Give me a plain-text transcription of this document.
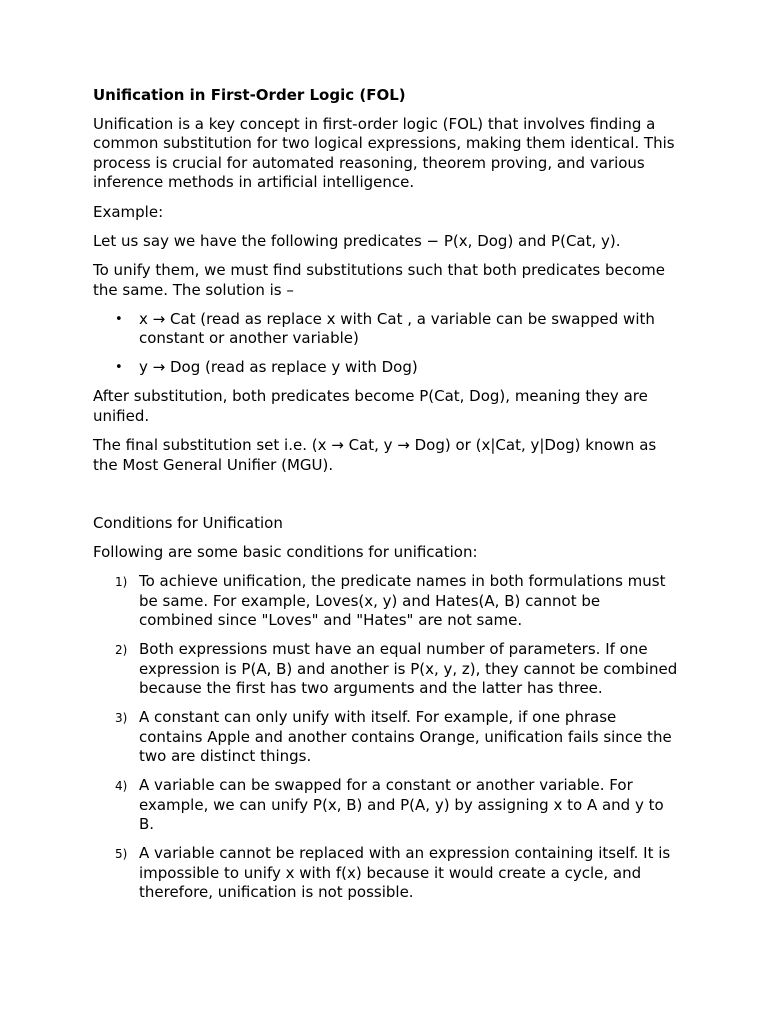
Unification in First-Order Logic (FOL)

Unification is a key concept in first-order logic (FOL) that involves finding a common substitution for two logical expressions, making them identical. This process is crucial for automated reasoning, theorem proving, and various inference methods in artificial intelligence.

Example:

Let us say we have the following predicates − P(x, Dog) and P(Cat, y).

To unify them, we must find substitutions such that both predicates become the same. The solution is –

• x → Cat (read as replace x with Cat , a variable can be swapped with constant or another variable)
• y → Dog (read as replace y with Dog)

After substitution, both predicates become P(Cat, Dog), meaning they are unified.

The final substitution set i.e. (x → Cat, y → Dog) or (x|Cat, y|Dog) known as the Most General Unifier (MGU).

Conditions for Unification

Following are some basic conditions for unification:

1) To achieve unification, the predicate names in both formulations must be same. For example, Loves(x, y) and Hates(A, B) cannot be combined since "Loves" and "Hates" are not same.
2) Both expressions must have an equal number of parameters. If one expression is P(A, B) and another is P(x, y, z), they cannot be combined because the first has two arguments and the latter has three.
3) A constant can only unify with itself. For example, if one phrase contains Apple and another contains Orange, unification fails since the two are distinct things.
4) A variable can be swapped for a constant or another variable. For example, we can unify P(x, B) and P(A, y) by assigning x to A and y to B.
5) A variable cannot be replaced with an expression containing itself. It is impossible to unify x with f(x) because it would create a cycle, and therefore, unification is not possible.
